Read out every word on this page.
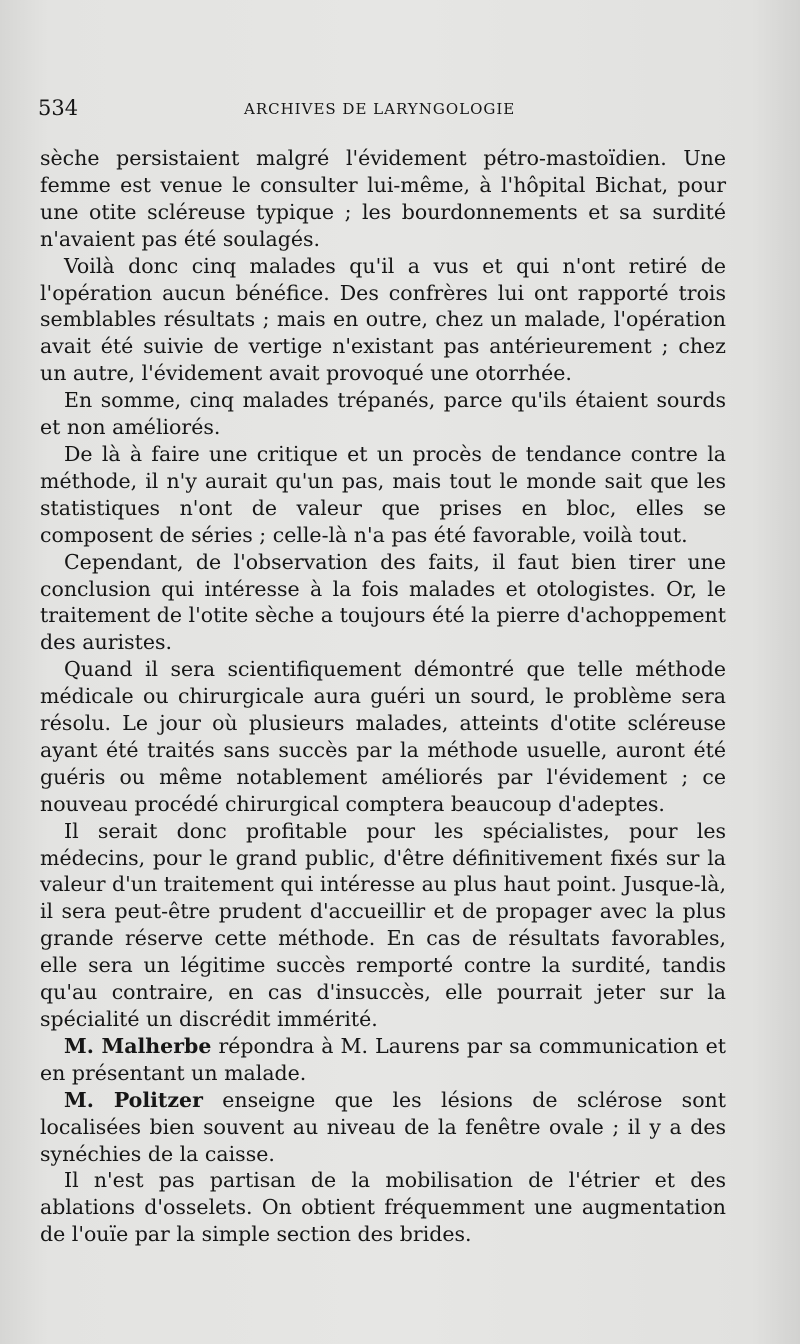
534	ARCHIVES DE LARYNGOLOGIE

sèche persistaient malgré l'évidement pétro-mastoïdien. Une femme est venue le consulter lui-même, à l'hôpital Bichat, pour une otite scléreuse typique ; les bourdonnements et sa surdité n'avaient pas été soulagés.

Voilà donc cinq malades qu'il a vus et qui n'ont retiré de l'opération aucun bénéfice. Des confrères lui ont rapporté trois semblables résultats ; mais en outre, chez un malade, l'opération avait été suivie de vertige n'existant pas antérieurement ; chez un autre, l'évidement avait provoqué une otorrhée.

En somme, cinq malades trépanés, parce qu'ils étaient sourds et non améliorés.

De là à faire une critique et un procès de tendance contre la méthode, il n'y aurait qu'un pas, mais tout le monde sait que les statistiques n'ont de valeur que prises en bloc, elles se composent de séries ; celle-là n'a pas été favorable, voilà tout.

Cependant, de l'observation des faits, il faut bien tirer une conclusion qui intéresse à la fois malades et otologistes. Or, le traitement de l'otite sèche a toujours été la pierre d'achoppement des auristes.

Quand il sera scientifiquement démontré que telle méthode médicale ou chirurgicale aura guéri un sourd, le problème sera résolu. Le jour où plusieurs malades, atteints d'otite scléreuse ayant été traités sans succès par la méthode usuelle, auront été guéris ou même notablement améliorés par l'évidement ; ce nouveau procédé chirurgical comptera beaucoup d'adeptes.

Il serait donc profitable pour les spécialistes, pour les médecins, pour le grand public, d'être définitivement fixés sur la valeur d'un traitement qui intéresse au plus haut point. Jusque-là, il sera peut-être prudent d'accueillir et de propager avec la plus grande réserve cette méthode. En cas de résultats favorables, elle sera un légitime succès remporté contre la surdité, tandis qu'au contraire, en cas d'insuccès, elle pourrait jeter sur la spécialité un discrédit immérité.

M. Malherbe répondra à M. Laurens par sa communication et en présentant un malade.

M. Politzer enseigne que les lésions de sclérose sont localisées bien souvent au niveau de la fenêtre ovale ; il y a des synéchies de la caisse.

Il n'est pas partisan de la mobilisation de l'étrier et des ablations d'osselets. On obtient fréquemment une augmentation de l'ouïe par la simple section des brides.
